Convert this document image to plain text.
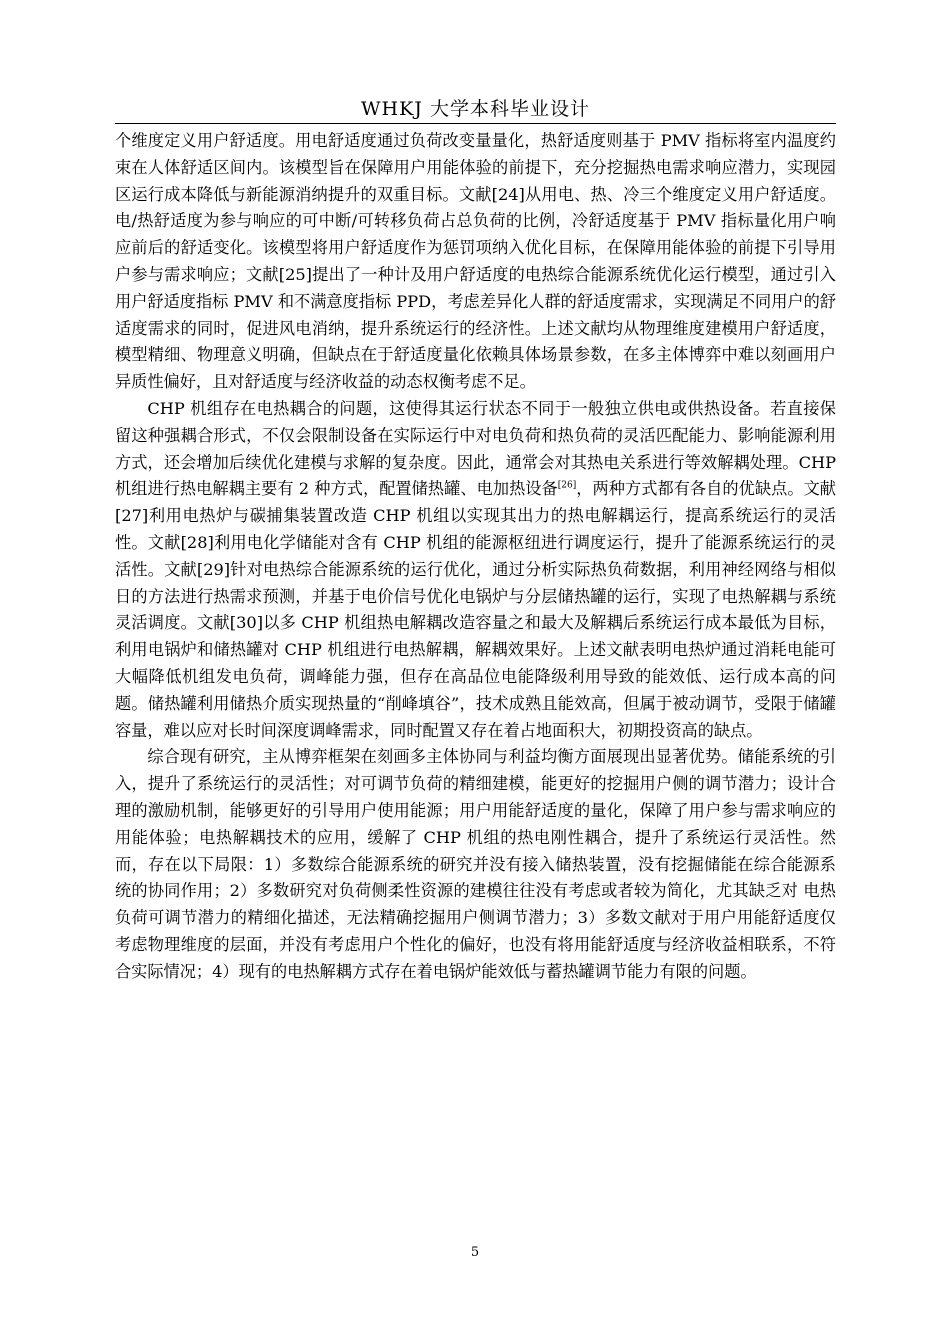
WHKJ 大学本科毕业设计

个维度定义用户舒适度。用电舒适度通过负荷改变量量化，热舒适度则基于 PMV 指标将室内温度约束在人体舒适区间内。该模型旨在保障用户用能体验的前提下，充分挖掘热电需求响应潜力，实现园区运行成本降低与新能源消纳提升的双重目标。文献[24]从用电、热、冷三个维度定义用户舒适度。电/热舒适度为参与响应的可中断/可转移负荷占总负荷的比例，冷舒适度基于 PMV 指标量化用户响应前后的舒适变化。该模型将用户舒适度作为惩罚项纳入优化目标，在保障用能体验的前提下引导用户参与需求响应；文献[25]提出了一种计及用户舒适度的电热综合能源系统优化运行模型，通过引入用户舒适度指标 PMV 和不满意度指标 PPD，考虑差异化人群的舒适度需求，实现满足不同用户的舒适度需求的同时，促进风电消纳，提升系统运行的经济性。上述文献均从物理维度建模用户舒适度，模型精细、物理意义明确，但缺点在于舒适度量化依赖具体场景参数，在多主体博弈中难以刻画用户异质性偏好，且对舒适度与经济收益的动态权衡考虑不足。

CHP 机组存在电热耦合的问题，这使得其运行状态不同于一般独立供电或供热设备。若直接保留这种强耦合形式，不仅会限制设备在实际运行中对电负荷和热负荷的灵活匹配能力、影响能源利用方式，还会增加后续优化建模与求解的复杂度。因此，通常会对其热电关系进行等效解耦处理。CHP 机组进行热电解耦主要有 2 种方式，配置储热罐、电加热设备[26]，两种方式都有各自的优缺点。文献[27]利用电热炉与碳捕集装置改造 CHP 机组以实现其出力的热电解耦运行，提高系统运行的灵活性。文献[28]利用电化学储能对含有 CHP 机组的能源枢纽进行调度运行，提升了能源系统运行的灵活性。文献[29]针对电热综合能源系统的运行优化，通过分析实际热负荷数据，利用神经网络与相似日的方法进行热需求预测，并基于电价信号优化电锅炉与分层储热罐的运行，实现了电热解耦与系统灵活调度。文献[30]以多 CHP 机组热电解耦改造容量之和最大及解耦后系统运行成本最低为目标，利用电锅炉和储热罐对 CHP 机组进行电热解耦，解耦效果好。上述文献表明电热炉通过消耗电能可大幅降低机组发电负荷，调峰能力强，但存在高品位电能降级利用导致的能效低、运行成本高的问题。储热罐利用储热介质实现热量的“削峰填谷”，技术成熟且能效高，但属于被动调节，受限于储罐容量，难以应对长时间深度调峰需求，同时配置又存在着占地面积大，初期投资高的缺点。

综合现有研究，主从博弈框架在刻画多主体协同与利益均衡方面展现出显著优势。储能系统的引入，提升了系统运行的灵活性；对可调节负荷的精细建模，能更好的挖掘用户侧的调节潜力；设计合理的激励机制，能够更好的引导用户使用能源；用户用能舒适度的量化，保障了用户参与需求响应的用能体验；电热解耦技术的应用，缓解了 CHP 机组的热电刚性耦合，提升了系统运行灵活性。然而，存在以下局限：1）多数综合能源系统的研究并没有接入储热装置，没有挖掘储能在综合能源系统的协同作用；2）多数研究对负荷侧柔性资源的建模往往没有考虑或者较为简化，尤其缺乏对 电热负荷可调节潜力的精细化描述，无法精确挖掘用户侧调节潜力；3）多数文献对于用户用能舒适度仅考虑物理维度的层面，并没有考虑用户个性化的偏好，也没有将用能舒适度与经济收益相联系，不符合实际情况；4）现有的电热解耦方式存在着电锅炉能效低与蓄热罐调节能力有限的问题。

5
